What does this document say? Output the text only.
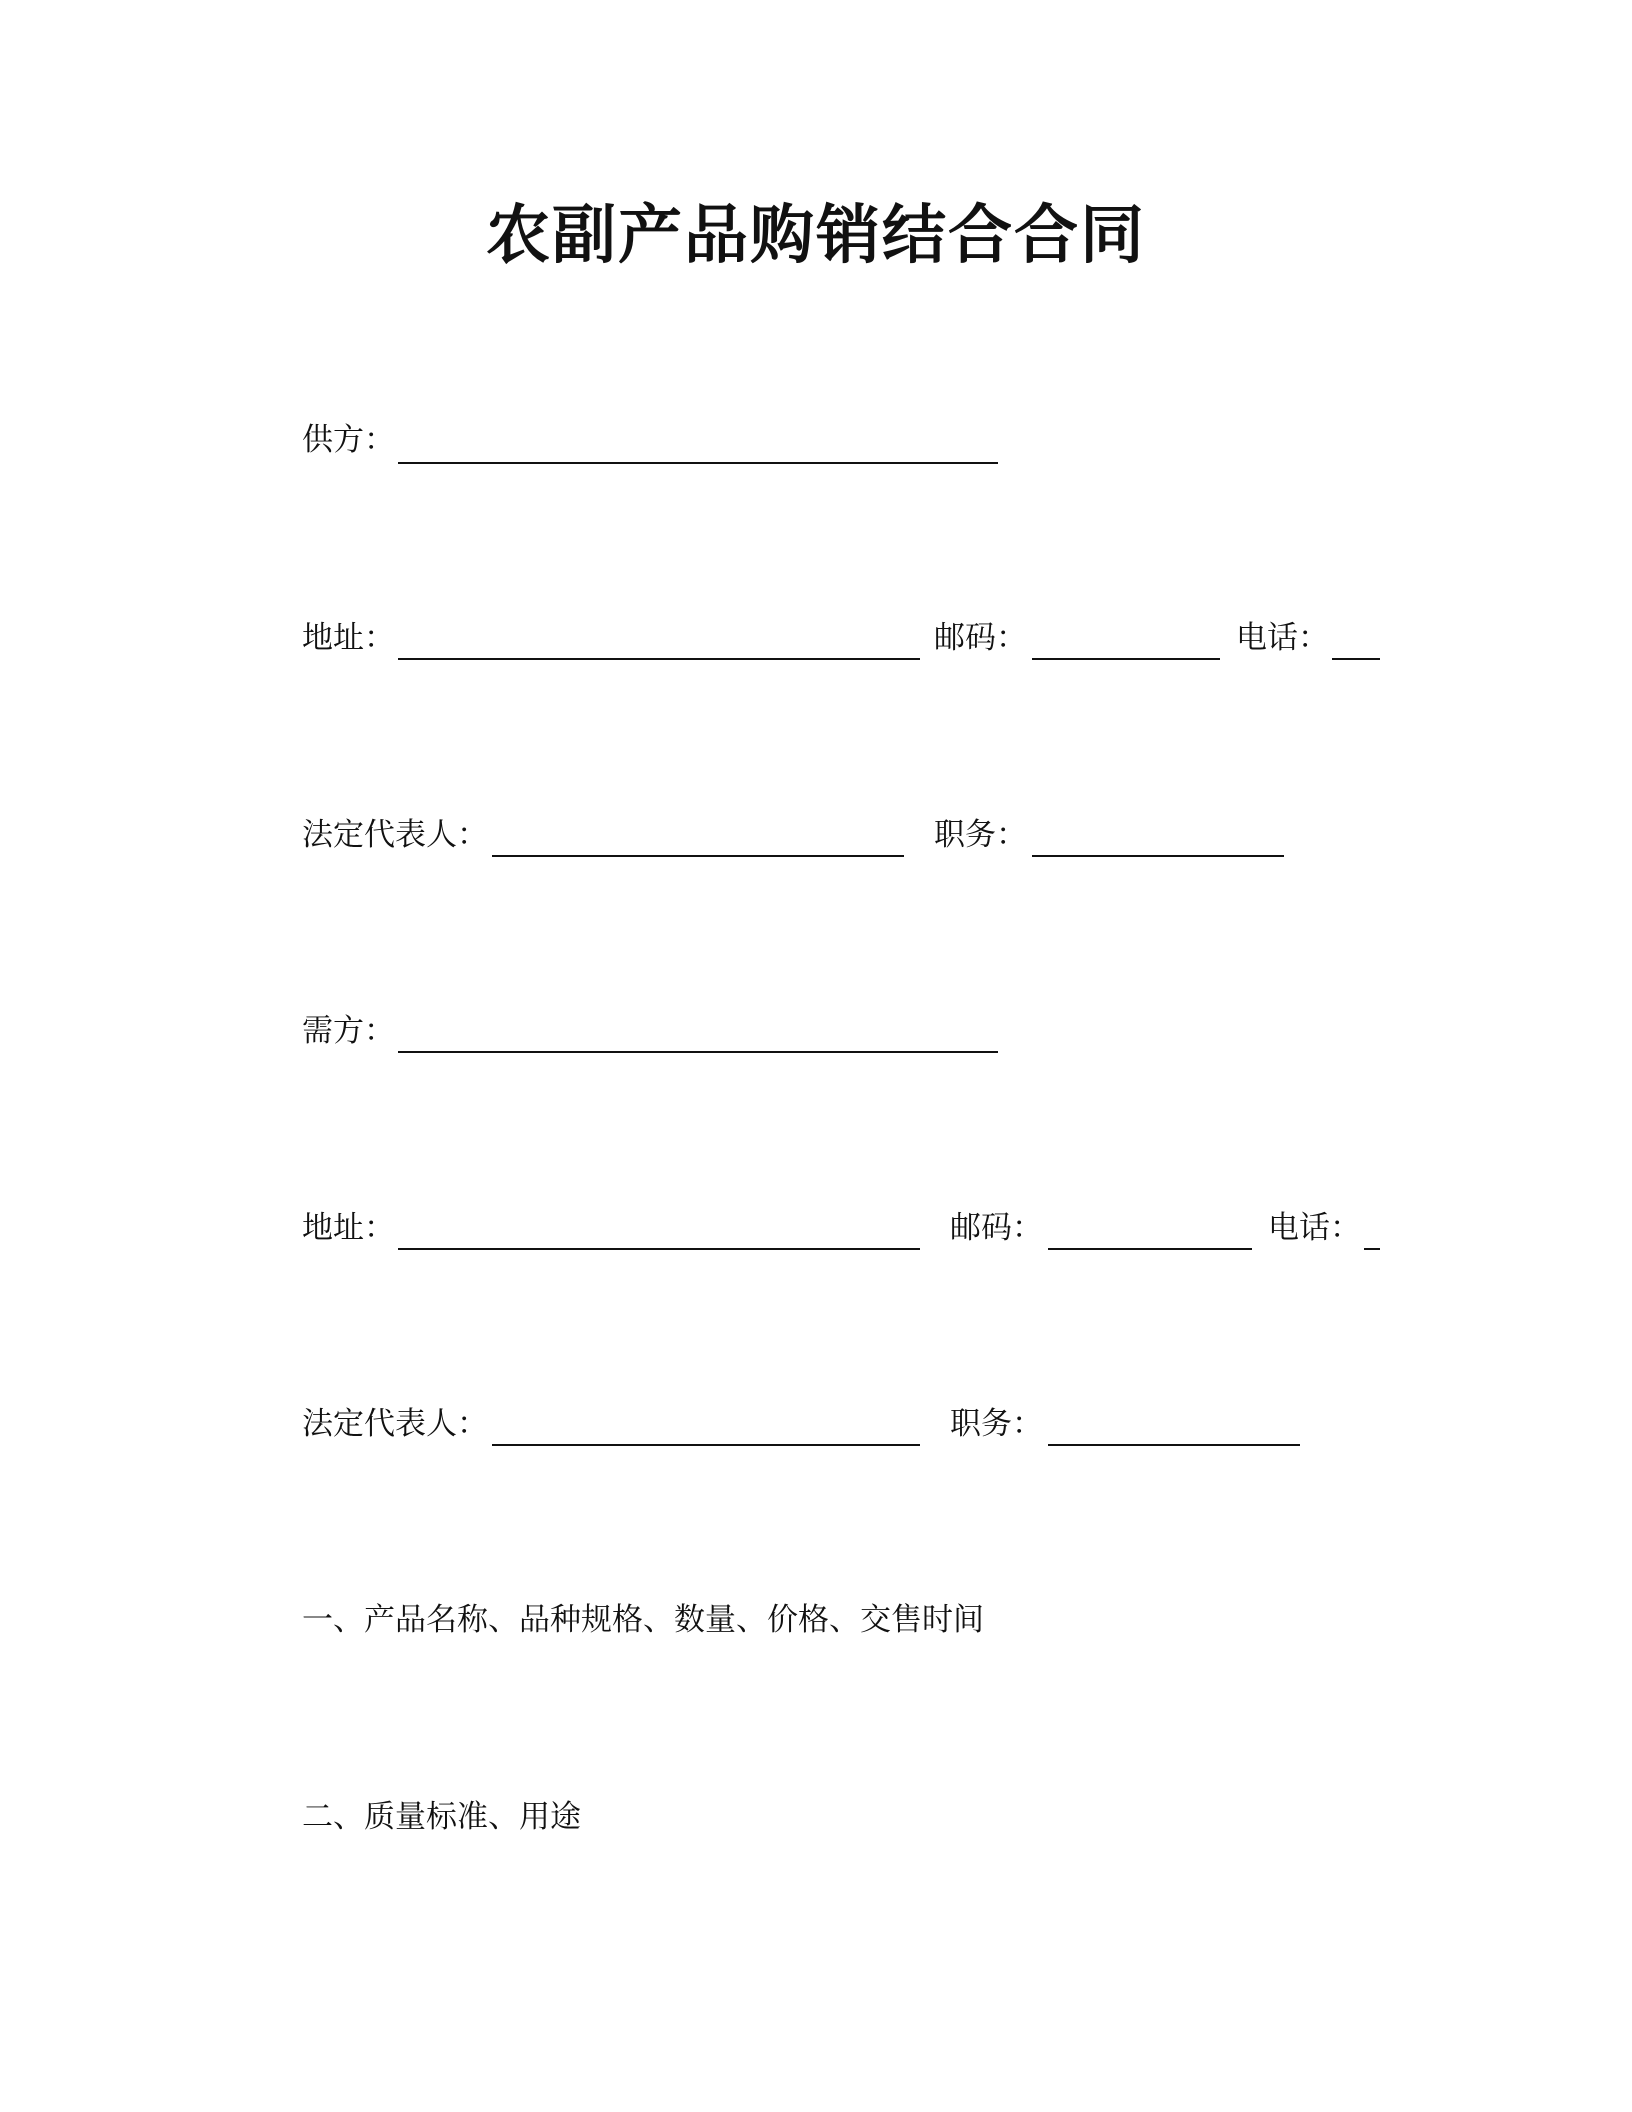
农副产品购销结合合同
供方：
地址：	邮码：	电话：
法定代表人：	职务：
需方：
地址：	邮码：	电话：
法定代表人：	职务：
一、产品名称、品种规格、数量、价格、交售时间
二、质量标准、用途
